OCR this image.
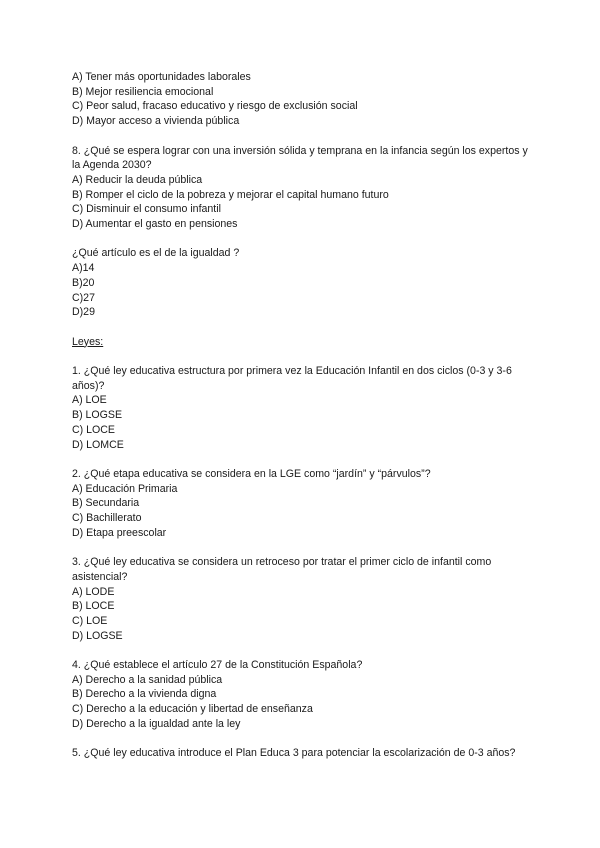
A) Tener más oportunidades laborales
B) Mejor resiliencia emocional
C) Peor salud, fracaso educativo y riesgo de exclusión social
D) Mayor acceso a vivienda pública
8. ¿Qué se espera lograr con una inversión sólida y temprana en la infancia según los expertos y la Agenda 2030?
A) Reducir la deuda pública
B) Romper el ciclo de la pobreza y mejorar el capital humano futuro
C) Disminuir el consumo infantil
D) Aumentar el gasto en pensiones
¿Qué artículo es el de la igualdad ?
A)14
B)20
C)27
D)29
Leyes:
1. ¿Qué ley educativa estructura por primera vez la Educación Infantil en dos ciclos (0-3 y 3-6 años)?
A) LOE
B) LOGSE
C) LOCE
D) LOMCE
2. ¿Qué etapa educativa se considera en la LGE como “jardín” y “párvulos”?
A) Educación Primaria
B) Secundaria
C) Bachillerato
D) Etapa preescolar
3. ¿Qué ley educativa se considera un retroceso por tratar el primer ciclo de infantil como asistencial?
A) LODE
B) LOCE
C) LOE
D) LOGSE
4. ¿Qué establece el artículo 27 de la Constitución Española?
A) Derecho a la sanidad pública
B) Derecho a la vivienda digna
C) Derecho a la educación y libertad de enseñanza
D) Derecho a la igualdad ante la ley
5. ¿Qué ley educativa introduce el Plan Educa 3 para potenciar la escolarización de 0-3 años?
